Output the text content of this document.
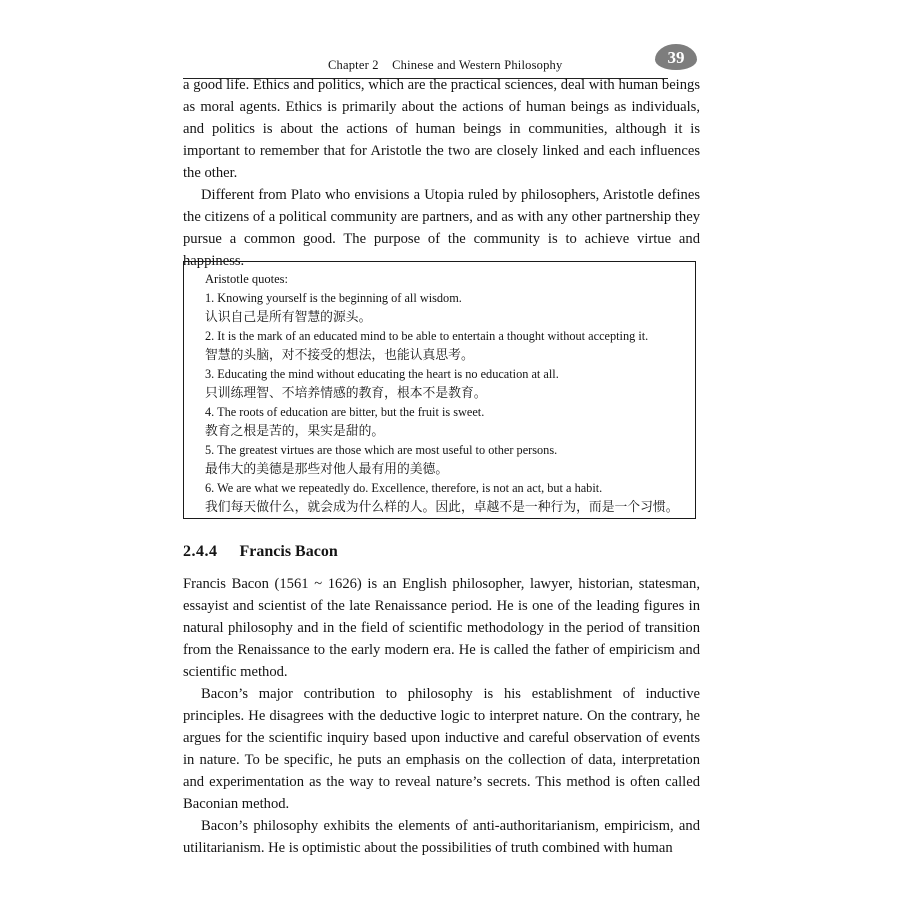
Chapter 2 Chinese and Western Philosophy	39

a good life. Ethics and politics, which are the practical sciences, deal with human beings as moral agents. Ethics is primarily about the actions of human beings as individuals, and politics is about the actions of human beings in communities, although it is important to remember that for Aristotle the two are closely linked and each influences the other.

Different from Plato who envisions a Utopia ruled by philosophers, Aristotle defines the citizens of a political community are partners, and as with any other partnership they pursue a common good. The purpose of the community is to achieve virtue and happiness.

Aristotle quotes:
1. Knowing yourself is the beginning of all wisdom.
认识自己是所有智慧的源头。
2. It is the mark of an educated mind to be able to entertain a thought without accepting it.
智慧的头脑，对不接受的想法，也能认真思考。
3. Educating the mind without educating the heart is no education at all.
只训练理智、不培养情感的教育，根本不是教育。
4. The roots of education are bitter, but the fruit is sweet.
教育之根是苦的，果实是甜的。
5. The greatest virtues are those which are most useful to other persons.
最伟大的美德是那些对他人最有用的美德。
6. We are what we repeatedly do. Excellence, therefore, is not an act, but a habit.
我们每天做什么，就会成为什么样的人。因此，卓越不是一种行为，而是一个习惯。
2.4.4 Francis Bacon

Francis Bacon (1561 ~ 1626) is an English philosopher, lawyer, historian, statesman, essayist and scientist of the late Renaissance period. He is one of the leading figures in natural philosophy and in the field of scientific methodology in the period of transition from the Renaissance to the early modern era. He is called the father of empiricism and scientific method.

Bacon’s major contribution to philosophy is his establishment of inductive principles. He disagrees with the deductive logic to interpret nature. On the contrary, he argues for the scientific inquiry based upon inductive and careful observation of events in nature. To be specific, he puts an emphasis on the collection of data, interpretation and experimentation as the way to reveal nature’s secrets. This method is often called Baconian method.

Bacon’s philosophy exhibits the elements of anti-authoritarianism, empiricism, and utilitarianism. He is optimistic about the possibilities of truth combined with human
